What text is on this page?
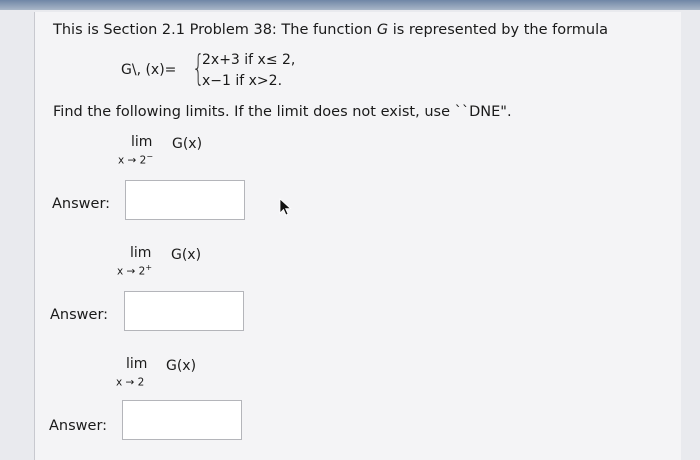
This is Section 2.1 Problem 38: The function G is represented by the formula
G\, (x)= {
2x+3 if x≤ 2,
x−1 if x>2.
Find the following limits. If the limit does not exist, use ``DNE".
lim
x → 2−
G(x)
Answer:
lim
x → 2+
G(x)
Answer:
lim
x → 2
G(x)
Answer:
